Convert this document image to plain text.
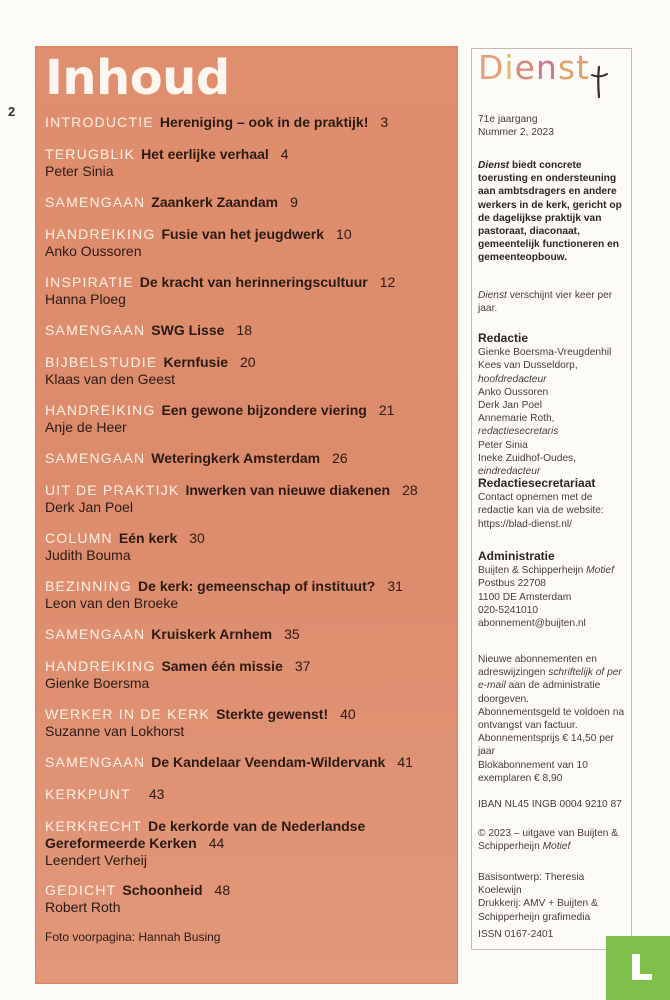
2
Inhoud
INTRODUCTIE Hereniging – ook in de praktijk! 3
TERUGBLIK Het eerlijke verhaal 4
Peter Sinia
SAMENGAAN Zaankerk Zaandam 9
HANDREIKING Fusie van het jeugdwerk 10
Anko Oussoren
INSPIRATIE De kracht van herinneringscultuur 12
Hanna Ploeg
SAMENGAAN SWG Lisse 18
BIJBELSTUDIE Kernfusie 20
Klaas van den Geest
HANDREIKING Een gewone bijzondere viering 21
Anje de Heer
SAMENGAAN Weteringkerk Amsterdam 26
UIT DE PRAKTIJK Inwerken van nieuwe diakenen 28
Derk Jan Poel
COLUMN Eén kerk 30
Judith Bouma
BEZINNING De kerk: gemeenschap of instituut? 31
Leon van den Broeke
SAMENGAAN Kruiskerk Arnhem 35
HANDREIKING Samen één missie 37
Gienke Boersma
WERKER IN DE KERK Sterkte gewenst! 40
Suzanne van Lokhorst
SAMENGAAN De Kandelaar Veendam-Wildervank 41
KERKPUNT 43
KERKRECHT De kerkorde van de Nederlandse
Gereformeerde Kerken 44
Leendert Verheij
GEDICHT Schoonheid 48
Robert Roth
Foto voorpagina: Hannah Busing
Dienst
71e jaargang
Nummer 2, 2023
Dienst biedt concrete toerusting en ondersteuning aan ambtsdragers en andere werkers in de kerk, gericht op de dagelijkse praktijk van pastoraat, diaconaat, gemeentelijk functioneren en gemeenteopbouw.
Dienst verschijnt vier keer per jaar.
Redactie
Gienke Boersma-Vreugdenhil
Kees van Dusseldorp,
hoofdredacteur
Anko Oussoren
Derk Jan Poel
Annemarie Roth, redactiesecretaris
Peter Sinia
Ineke Zuidhof-Oudes, eindredacteur
Redactiesecretariaat
Contact opnemen met de redactie kan via de website: https://blad-dienst.nl/
Administratie
Buijten & Schipperheijn Motief
Postbus 22708
1100 DE Amsterdam
020-5241010
abonnement@buijten.nl
Nieuwe abonnementen en adreswijzingen schriftelijk of per e-mail aan de administratie doorgeven.
Abonnementsgeld te voldoen na ontvangst van factuur.
Abonnementsprijs € 14,50 per jaar
Blokabonnement van 10 exemplaren € 8,90
IBAN NL45 INGB 0004 9210 87
© 2023 – uitgave van Buijten & Schipperheijn Motief
Basisontwerp: Theresia Koelewijn
Drukkerij: AMV + Buijten & Schipperheijn grafimedia
ISSN 0167-2401
